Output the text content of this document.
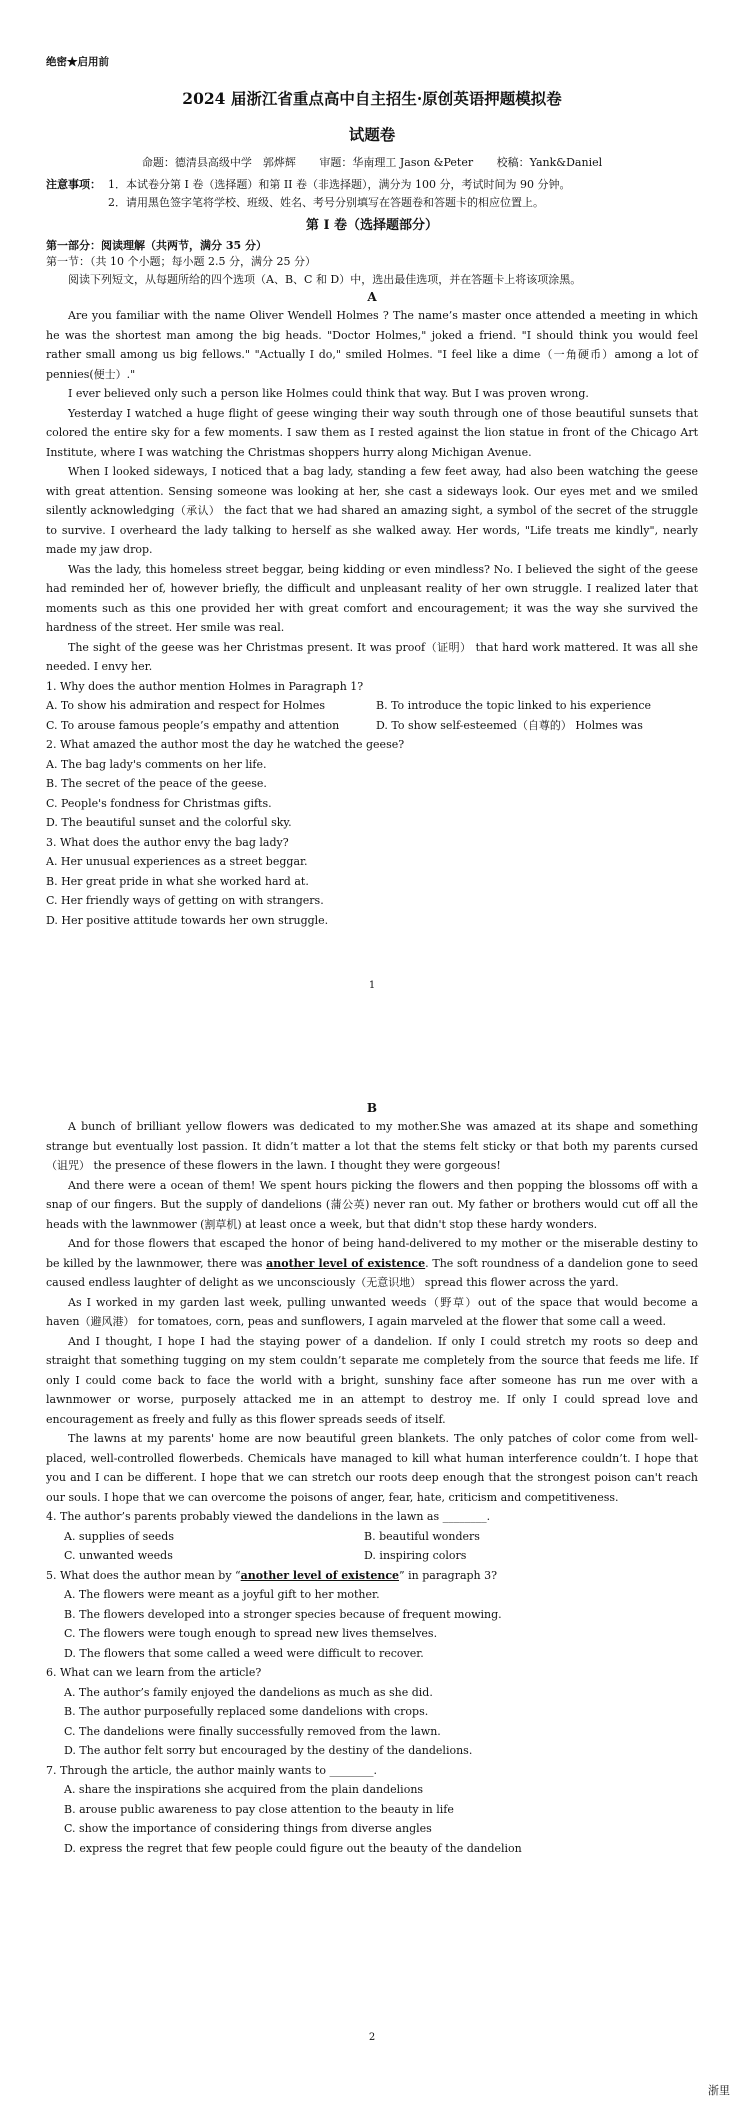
绝密★启用前

2024 届浙江省重点高中自主招生·原创英语押题模拟卷

试题卷

命题：德清县高级中学　郭烨辉 审题：华南理工 Jason &Peter 校稿：Yank&Daniel
注意事项： 1．本试卷分第 I 卷（选择题）和第 II 卷（非选择题），满分为 100 分，考试时间为 90 分钟。
2．请用黑色签字笔将学校、班级、姓名、考号分别填写在答题卷和答题卡的相应位置上。

第 I 卷（选择题部分）

第一部分：阅读理解（共两节，满分 35 分）

第一节：（共 10 个小题；每小题 2.5 分，满分 25 分）

阅读下列短文，从每题所给的四个选项（A、B、C 和 D）中，选出最佳选项，并在答题卡上将该项涂黑。

A

Are you familiar with the name Oliver Wendell Holmes ? The name’s master once attended a meeting in which he was the shortest man among the big heads. "Doctor Holmes," joked a friend. "I should think you would feel rather small among us big fellows." "Actually I do," smiled Holmes. "I feel like a dime（一角硬币）among a lot of pennies(便士）."

I ever believed only such a person like Holmes could think that way. But I was proven wrong.

Yesterday I watched a huge flight of geese winging their way south through one of those beautiful sunsets that colored the entire sky for a few moments. I saw them as I rested against the lion statue in front of the Chicago Art Institute, where I was watching the Christmas shoppers hurry along Michigan Avenue.

When I looked sideways, I noticed that a bag lady, standing a few feet away, had also been watching the geese with great attention. Sensing someone was looking at her, she cast a sideways look. Our eyes met and we smiled silently acknowledging（承认） the fact that we had shared an amazing sight, a symbol of the secret of the struggle to survive. I overheard the lady talking to herself as she walked away. Her words, "Life treats me kindly", nearly made my jaw drop.

Was the lady, this homeless street beggar, being kidding or even mindless? No. I believed the sight of the geese had reminded her of, however briefly, the difficult and unpleasant reality of her own struggle. I realized later that moments such as this one provided her with great comfort and encouragement; it was the way she survived the hardness of the street. Her smile was real.

The sight of the geese was her Christmas present. It was proof（证明） that hard work mattered. It was all she needed. I envy her.

1. Why does the author mention Holmes in Paragraph 1?

A. To show his admiration and respect for Holmes	B. To introduce the topic linked to his experience
C. To arouse famous people’s empathy and attention	D. To show self-esteemed（自尊的） Holmes was

2. What amazed the author most the day he watched the geese?

A. The bag lady's comments on her life.

B. The secret of the peace of the geese.

C. People's fondness for Christmas gifts.

D. The beautiful sunset and the colorful sky.

3. What does the author envy the bag lady?

A. Her unusual experiences as a street beggar.

B. Her great pride in what she worked hard at.

C. Her friendly ways of getting on with strangers.

D. Her positive attitude towards her own struggle.

1

B

A bunch of brilliant yellow flowers was dedicated to my mother.She was amazed at its shape and something strange but eventually lost passion. It didn’t matter a lot that the stems felt sticky or that both my parents cursed（诅咒） the presence of these flowers in the lawn. I thought they were gorgeous!

And there were a ocean of them! We spent hours picking the flowers and then popping the blossoms off with a snap of our fingers. But the supply of dandelions (蒲公英) never ran out. My father or brothers would cut off all the heads with the lawnmower (割草机) at least once a week, but that didn't stop these hardy wonders.

And for those flowers that escaped the honor of being hand-delivered to my mother or the miserable destiny to be killed by the lawnmower, there was another level of existence. The soft roundness of a dandelion gone to seed caused endless laughter of delight as we unconsciously（无意识地） spread this flower across the yard.

As I worked in my garden last week, pulling unwanted weeds（野草）out of the space that would become a haven（避风港） for tomatoes, corn, peas and sunflowers, I again marveled at the flower that some call a weed.

And I thought, I hope I had the staying power of a dandelion. If only I could stretch my roots so deep and straight that something tugging on my stem couldn’t separate me completely from the source that feeds me life. If only I could come back to face the world with a bright, sunshiny face after someone has run me over with a lawnmower or worse, purposely attacked me in an attempt to destroy me. If only I could spread love and encouragement as freely and fully as this flower spreads seeds of itself.

The lawns at my parents' home are now beautiful green blankets. The only patches of color come from well-placed, well-controlled flowerbeds. Chemicals have managed to kill what human interference couldn’t. I hope that you and I can be different. I hope that we can stretch our roots deep enough that the strongest poison can't reach our souls. I hope that we can overcome the poisons of anger, fear, hate, criticism and competitiveness.

4. The author’s parents probably viewed the dandelions in the lawn as ________.

A. supplies of seeds	B. beautiful wonders
C. unwanted weeds	D. inspiring colors

5. What does the author mean by “another level of existence” in paragraph 3?

A. The flowers were meant as a joyful gift to her mother.

B. The flowers developed into a stronger species because of frequent mowing.

C. The flowers were tough enough to spread new lives themselves.

D. The flowers that some called a weed were difficult to recover.

6. What can we learn from the article?

A. The author’s family enjoyed the dandelions as much as she did.

B. The author purposefully replaced some dandelions with crops.

C. The dandelions were finally successfully removed from the lawn.

D. The author felt sorry but encouraged by the destiny of the dandelions.

7. Through the article, the author mainly wants to ________.

A. share the inspirations she acquired from the plain dandelions

B. arouse public awareness to pay close attention to the beauty in life

C. show the importance of considering things from diverse angles

D. express the regret that few people could figure out the beauty of the dandelion

2
浙里
